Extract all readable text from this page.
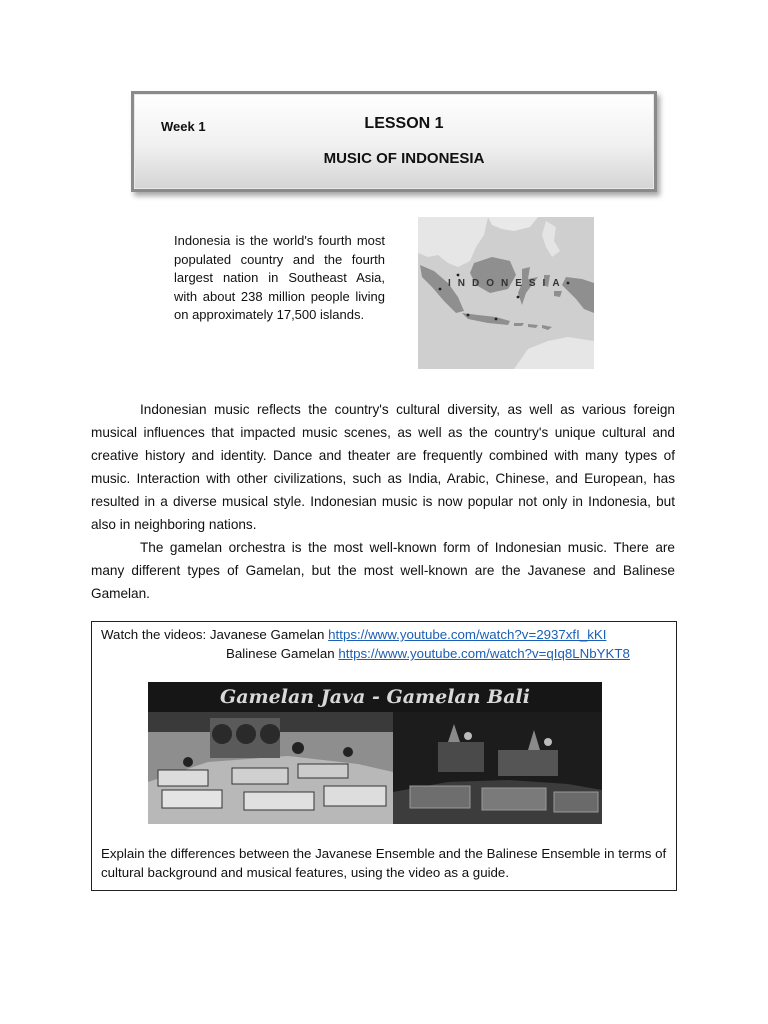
Week 1	LESSON 1
MUSIC OF INDONESIA
Indonesia is the world's fourth most populated country and the fourth largest nation in Southeast Asia, with about 238 million people living on approximately 17,500 islands.
INDONESIA

Indonesian music reflects the country's cultural diversity, as well as various foreign musical influences that impacted music scenes, as well as the country's unique cultural and creative history and identity. Dance and theater are frequently combined with many types of music. Interaction with other civilizations, such as India, Arabic, Chinese, and European, has resulted in a diverse musical style. Indonesian music is now popular not only in Indonesia, but also in neighboring nations.

The gamelan orchestra is the most well-known form of Indonesian music. There are many different types of Gamelan, but the most well-known are the Javanese and Balinese Gamelan.

Watch the videos: Javanese Gamelan https://www.youtube.com/watch?v=2937xfI_kKI
Balinese Gamelan https://www.youtube.com/watch?v=qIq8LNbYKT8
Gamelan Java - Gamelan Bali
Explain the differences between the Javanese Ensemble and the Balinese Ensemble in terms of cultural background and musical features, using the video as a guide.
